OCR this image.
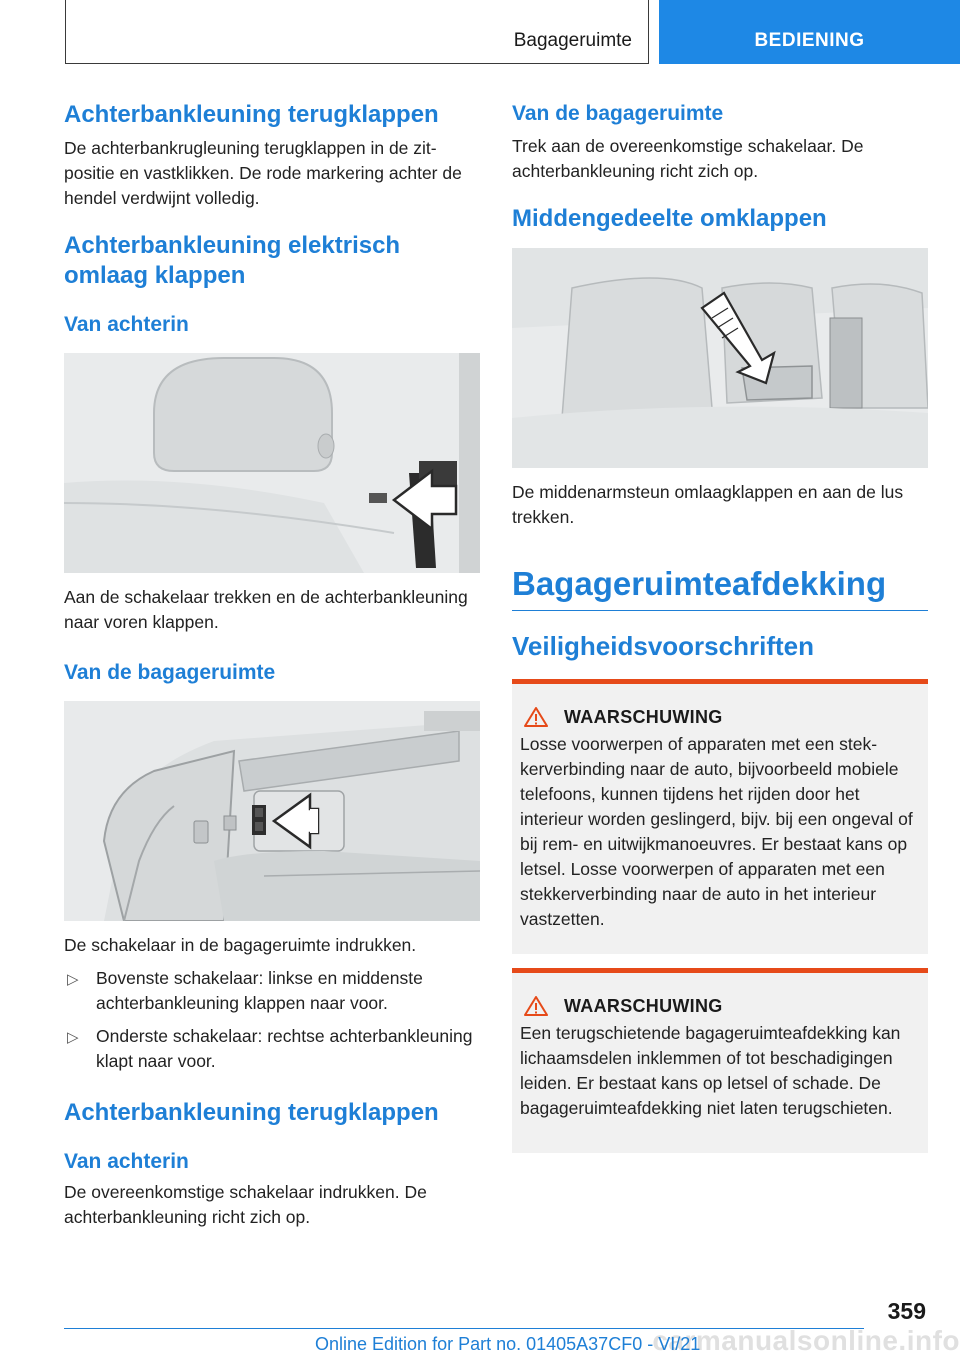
Bagageruimte	BEDIENING
Achterbankleuning terugklappen

De achterbankrugleuning terugklappen in de zitpositie en vastklikken. De rode markering achter de hendel verdwijnt volledig.

Achterbankleuning elektrisch omlaag klappen
Van achterin

Aan de schakelaar trekken en de achterbankleuning naar voren klappen.

Van de bagageruimte

De schakelaar in de bagageruimte indrukken.

▷ Bovenste schakelaar: linkse en middenste achterbankleuning klappen naar voor.
▷ Onderste schakelaar: rechtse achterbankleuning klapt naar voor.
Achterbankleuning terugklappen
Van achterin

De overeenkomstige schakelaar indrukken. De achterbankleuning richt zich op.

Van de bagageruimte

Trek aan de overeenkomstige schakelaar. De achterbankleuning richt zich op.

Middengedeelte omklappen

De middenarmsteun omlaagklappen en aan de lus trekken.

Bagageruimteafdekking
Veiligheidsvoorschriften
WAARSCHUWING

Losse voorwerpen of apparaten met een stekkerverbinding naar de auto, bijvoorbeeld mobiele telefoons, kunnen tijdens het rijden door het interieur worden geslingerd, bijv. bij een ongeval of bij rem- en uitwijkmanoeuvres. Er bestaat kans op letsel. Losse voorwerpen of apparaten met een stekkerverbinding naar de auto in het interieur vastzetten.

WAARSCHUWING

Een terugschietende bagageruimteafdekking kan lichaamsdelen inklemmen of tot beschadigingen leiden. Er bestaat kans op letsel of schade. De bagageruimteafdekking niet laten terugschieten.

359
carmanualsonline.info
Online Edition for Part no. 01405A37CF0 - VI/21
